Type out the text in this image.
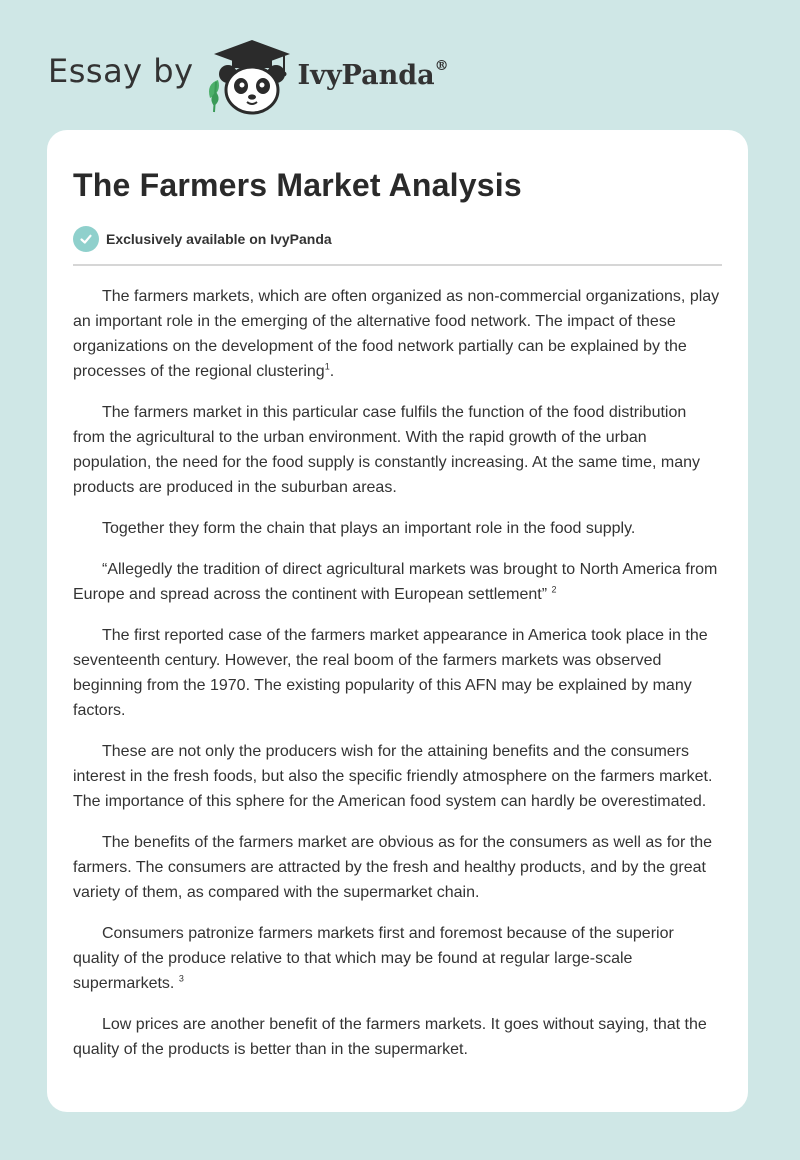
Essay by	IvyPanda®
The Farmers Market Analysis
Exclusively available on IvyPanda

The farmers markets, which are often organized as non-commercial organizations, play an important role in the emerging of the alternative food network. The impact of these organizations on the development of the food network partially can be explained by the processes of the regional clustering$^1$.

The farmers market in this particular case fulfils the function of the food distribution from the agricultural to the urban environment. With the rapid growth of the urban population, the need for the food supply is constantly increasing. At the same time, many products are produced in the suburban areas.

Together they form the chain that plays an important role in the food supply.

“Allegedly the tradition of direct agricultural markets was brought to North America from Europe and spread across the continent with European settlement” $^2$

The first reported case of the farmers market appearance in America took place in the seventeenth century. However, the real boom of the farmers markets was observed beginning from the 1970. The existing popularity of this AFN may be explained by many factors.

These are not only the producers wish for the attaining benefits and the consumers interest in the fresh foods, but also the specific friendly atmosphere on the farmers market. The importance of this sphere for the American food system can hardly be overestimated.

The benefits of the farmers market are obvious as for the consumers as well as for the farmers. The consumers are attracted by the fresh and healthy products, and by the great variety of them, as compared with the supermarket chain.

Consumers patronize farmers markets first and foremost because of the superior quality of the produce relative to that which may be found at regular large-scale supermarkets. $^3$

Low prices are another benefit of the farmers markets. It goes without saying, that the quality of the products is better than in the supermarket.
